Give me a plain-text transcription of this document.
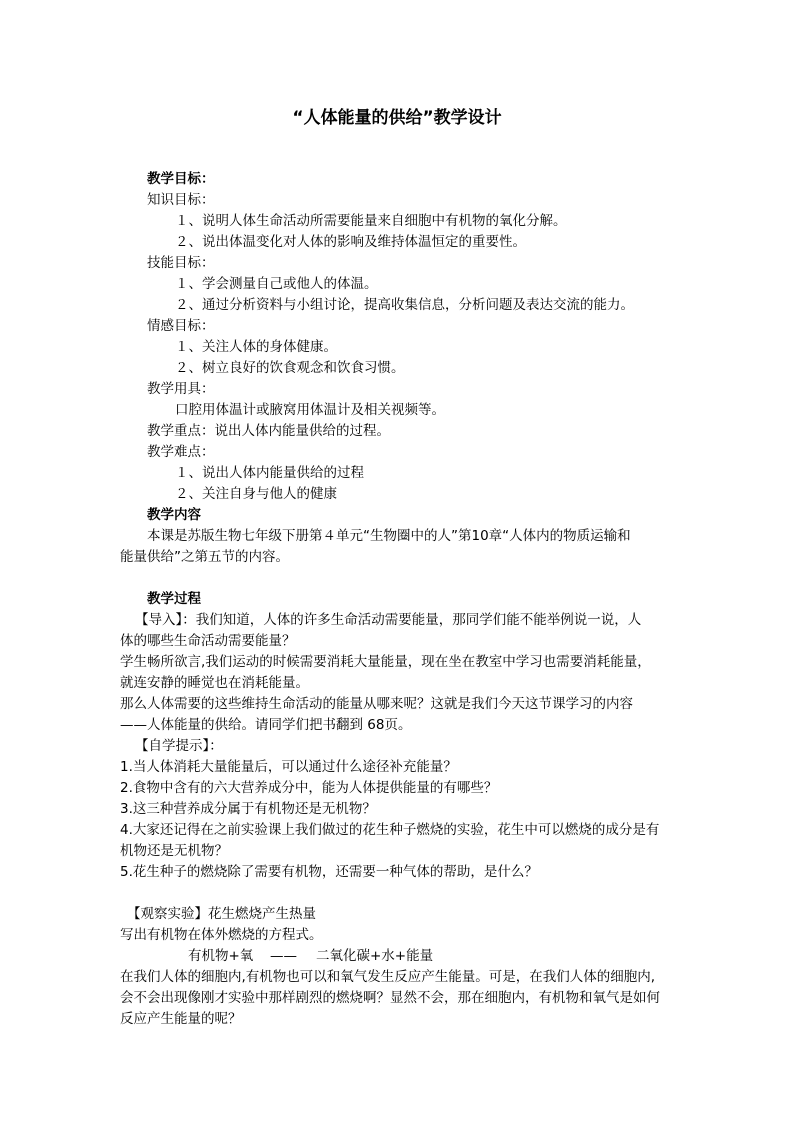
“人体能量的供给”教学设计
教学目标：
知识目标：
１、说明人体生命活动所需要能量来自细胞中有机物的氧化分解。
２、说出体温变化对人体的影响及维持体温恒定的重要性。
技能目标：
１、学会测量自己或他人的体温。
２、通过分析资料与小组讨论，提高收集信息，分析问题及表达交流的能力。
情感目标：
１、关注人体的身体健康。
２、树立良好的饮食观念和饮食习惯。
教学用具：
口腔用体温计或腋窝用体温计及相关视频等。
教学重点：说出人体内能量供给的过程。
教学难点：
１、说出人体内能量供给的过程
２、关注自身与他人的健康
教学内容
本课是苏版生物七年级下册第４单元“生物圈中的人”第10章“人体内的物质运输和
能量供给”之第五节的内容。
教学过程
【导入】：我们知道，人体的许多生命活动需要能量，那同学们能不能举例说一说，人
体的哪些生命活动需要能量？
学生畅所欲言,我们运动的时候需要消耗大量能量，现在坐在教室中学习也需要消耗能量，
就连安静的睡觉也在消耗能量。
那么人体需要的这些维持生命活动的能量从哪来呢？这就是我们今天这节课学习的内容
——人体能量的供给。请同学们把书翻到 68页。
【自学提示】：
1.当人体消耗大量能量后，可以通过什么途径补充能量？
2.食物中含有的六大营养成分中，能为人体提供能量的有哪些？
3.这三种营养成分属于有机物还是无机物？
4.大家还记得在之前实验课上我们做过的花生种子燃烧的实验，花生中可以燃烧的成分是有
机物还是无机物？
5.花生种子的燃烧除了需要有机物，还需要一种气体的帮助，是什么？
【观察实验】花生燃烧产生热量
写出有机物在体外燃烧的方程式。
有机物+氧 —— 二氧化碳+水+能量
在我们人体的细胞内,有机物也可以和氧气发生反应产生能量。可是，在我们人体的细胞内,
会不会出现像刚才实验中那样剧烈的燃烧啊？显然不会，那在细胞内，有机物和氧气是如何
反应产生能量的呢？
